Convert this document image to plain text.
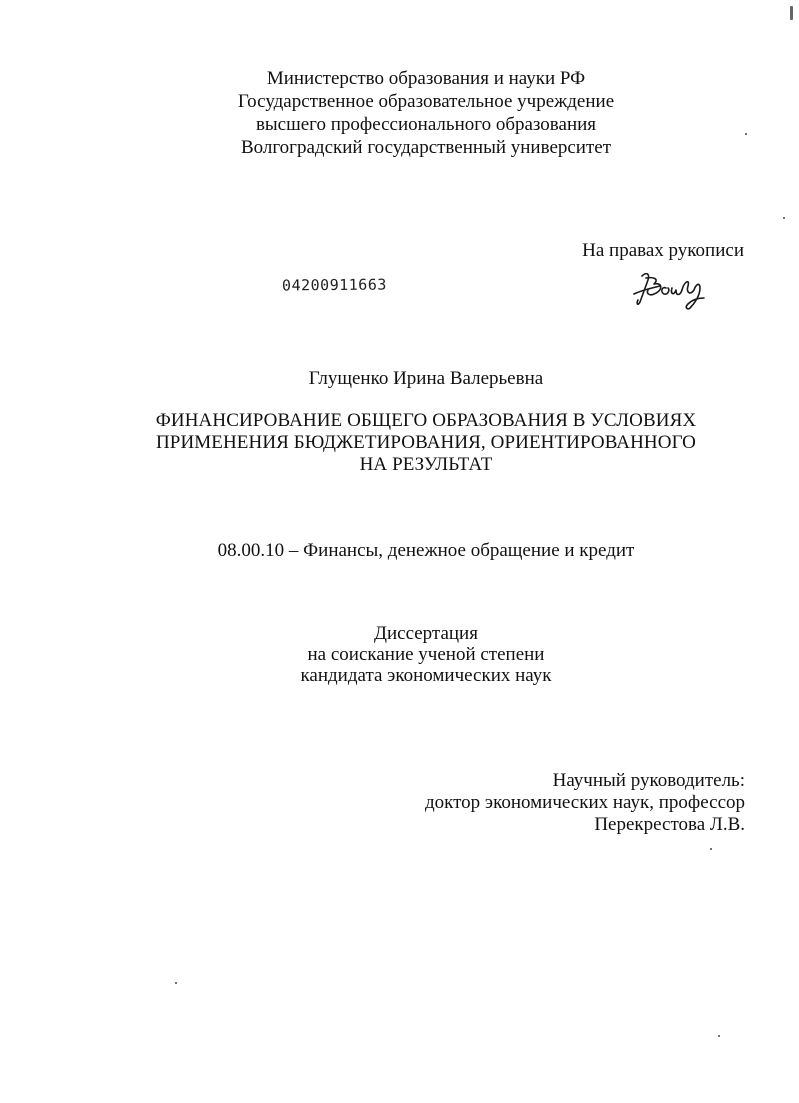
Министерство образования и науки РФ
Государственное образовательное учреждение
высшего профессионального образования
Волгоградский государственный университет
На правах рукописи
04200911663
Глущенко Ирина Валерьевна
ФИНАНСИРОВАНИЕ ОБЩЕГО ОБРАЗОВАНИЯ В УСЛОВИЯХ
ПРИМЕНЕНИЯ БЮДЖЕТИРОВАНИЯ, ОРИЕНТИРОВАННОГО
НА РЕЗУЛЬТАТ
08.00.10 – Финансы, денежное обращение и кредит
Диссертация
на соискание ученой степени
кандидата экономических наук
Научный руководитель:
доктор экономических наук, профессор
Перекрестова Л.В.
